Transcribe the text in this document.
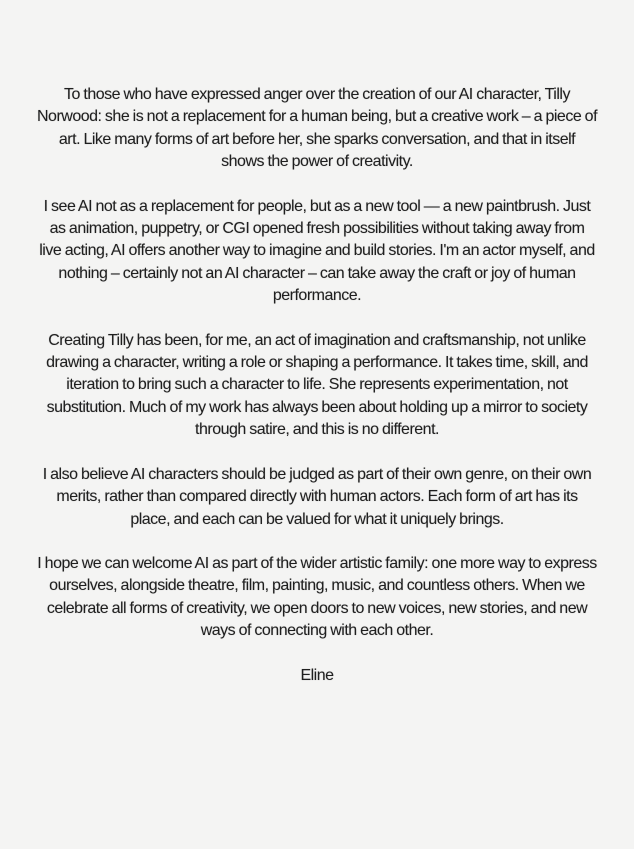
To those who have expressed anger over the creation of our AI character, Tilly Norwood: she is not a replacement for a human being, but a creative work – a piece of art. Like many forms of art before her, she sparks conversation, and that in itself shows the power of creativity.

I see AI not as a replacement for people, but as a new tool — a new paintbrush. Just as animation, puppetry, or CGI opened fresh possibilities without taking away from live acting, AI offers another way to imagine and build stories. I'm an actor myself, and nothing – certainly not an AI character – can take away the craft or joy of human performance.

Creating Tilly has been, for me, an act of imagination and craftsmanship, not unlike drawing a character, writing a role or shaping a performance. It takes time, skill, and iteration to bring such a character to life. She represents experimentation, not substitution. Much of my work has always been about holding up a mirror to society through satire, and this is no different.

I also believe AI characters should be judged as part of their own genre, on their own merits, rather than compared directly with human actors. Each form of art has its place, and each can be valued for what it uniquely brings.

I hope we can welcome AI as part of the wider artistic family: one more way to express ourselves, alongside theatre, film, painting, music, and countless others. When we celebrate all forms of creativity, we open doors to new voices, new stories, and new ways of connecting with each other.

Eline
